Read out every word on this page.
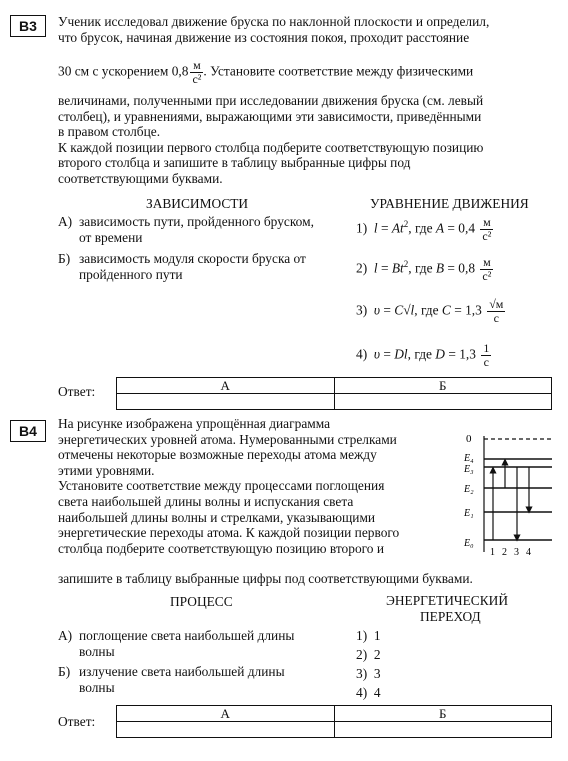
В3	Ученик исследовал движение бруска по наклонной плоскости и определил,

что брусок, начиная движение из состояния покоя, проходит расстояние

30 см с ускорением $0,8 \frac{м}{\text{с²}}$ . Установите соответствие между физическими

величинами, полученными при исследовании движения бруска (см. левый

столбец), и уравнениями, выражающими эти зависимости, приведёнными

в правом столбце.

К каждой позиции первого столбца подберите соответствующую позицию

второго столбца и запишите в таблицу выбранные цифры под

соответствующими буквами.

ЗАВИСИМОСТИ	УРАВНЕНИЕ ДВИЖЕНИЯ
А) зависимость пути, пройденного бруском,
от времени
Б) зависимость модуля скорости бруска от
пройденного пути
1) $l = At^2$, где $A = 0,4 \frac{м}{\text{с²}}$
2) $l = Bt^2$, где $B = 0,8 \frac{м}{\text{с²}}$
3) υ = C√l, где $C = 1,3 \frac{√м}{с}$
4) υ = Dl, где $D = 1,3 \frac{1}{с}$
Ответ:	А	Б

В4	На рисунке изображена упрощённая диаграмма

энергетических уровней атома. Нумерованными стрелками

отмечены некоторые возможные переходы атома между

этими уровнями.

Установите соответствие между процессами поглощения

света наибольшей длины волны и испускания света

наибольшей длины волны и стрелками, указывающими

энергетические переходы атома. К каждой позиции первого

столбца подберите соответствующую позицию второго и

запишите в таблицу выбранные цифры под соответствующими буквами.
0
E₄
E₃
E₂
E₁
E₀
1 2 3 4
ПРОЦЕСС	ЭНЕРГЕТИЧЕСКИЙ
ПЕРЕХОД
А) поглощение света наибольшей длины
волны
Б) излучение света наибольшей длины
волны
1) 1
2) 2
3) 3
4) 4
Ответ:
А	Б
